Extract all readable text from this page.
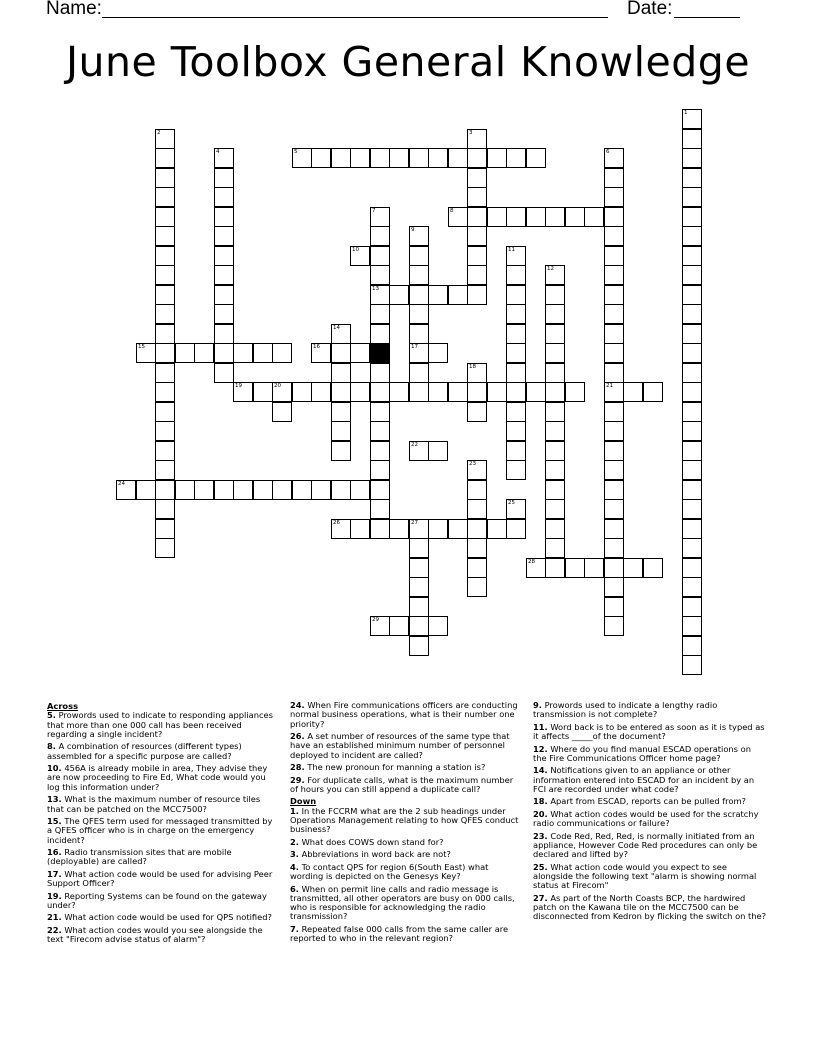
Name:	Date:
June Toolbox General Knowledge
1
2	3
4	5	6
21
7
13
8
9
17
10	11
12
14
15	16
18
19	20
22
23
24
25
26	27
28
29
Across
5. Prowords used to indicate to responding appliances that more than one 000 call has been received regarding a single incident?
8. A combination of resources (different types) assembled for a specific purpose are called?
10. 456A is already mobile in area, They advise they are now proceeding to Fire Ed, What code would you log this information under?
13. What is the maximum number of resource tiles that can be patched on the MCC7500?
15. The QFES term used for messaged transmitted by a QFES officer who is in charge on the emergency incident?
16. Radio transmission sites that are mobile (deployable) are called?
17. What action code would be used for advising Peer Support Officer?
19. Reporting Systems can be found on the gateway under?
21. What action code would be used for QPS notified?
22. What action codes would you see alongside the text "Firecom advise status of alarm"?
24. When Fire communications officers are conducting normal business operations, what is their number one priority?
26. A set number of resources of the same type that have an established minimum number of personnel deployed to incident are called?
28. The new pronoun for manning a station is?
29. For duplicate calls, what is the maximum number of hours you can still append a duplicate call?
Down
1. In the FCCRM what are the 2 sub headings under Operations Management relating to how QFES conduct business?
2. What does COWS down stand for?
3. Abbreviations in word back are not?
4. To contact QPS for region 6(South East) what wording is depicted on the Genesys Key?
6. When on permit line calls and radio message is transmitted, all other operators are busy on 000 calls, who is responsible for acknowledging the radio transmission?
7. Repeated false 000 calls from the same caller are reported to who in the relevant region?
9. Prowords used to indicate a lengthy radio transmission is not complete?
11. Word back is to be entered as soon as it is typed as it affects _____of the document?
12. Where do you find manual ESCAD operations on the Fire Communications Officer home page?
14. Notifications given to an appliance or other information entered into ESCAD for an incident by an FCI are recorded under what code?
18. Apart from ESCAD, reports can be pulled from?
20. What action codes would be used for the scratchy radio communications or failure?
23. Code Red, Red, Red, is normally initiated from an appliance, However Code Red procedures can only be declared and lifted by?
25. What action code would you expect to see alongside the following text "alarm is showing normal status at Firecom"
27. As part of the North Coasts BCP, the hardwired patch on the Kawana tile on the MCC7500 can be disconnected from Kedron by flicking the switch on the?
